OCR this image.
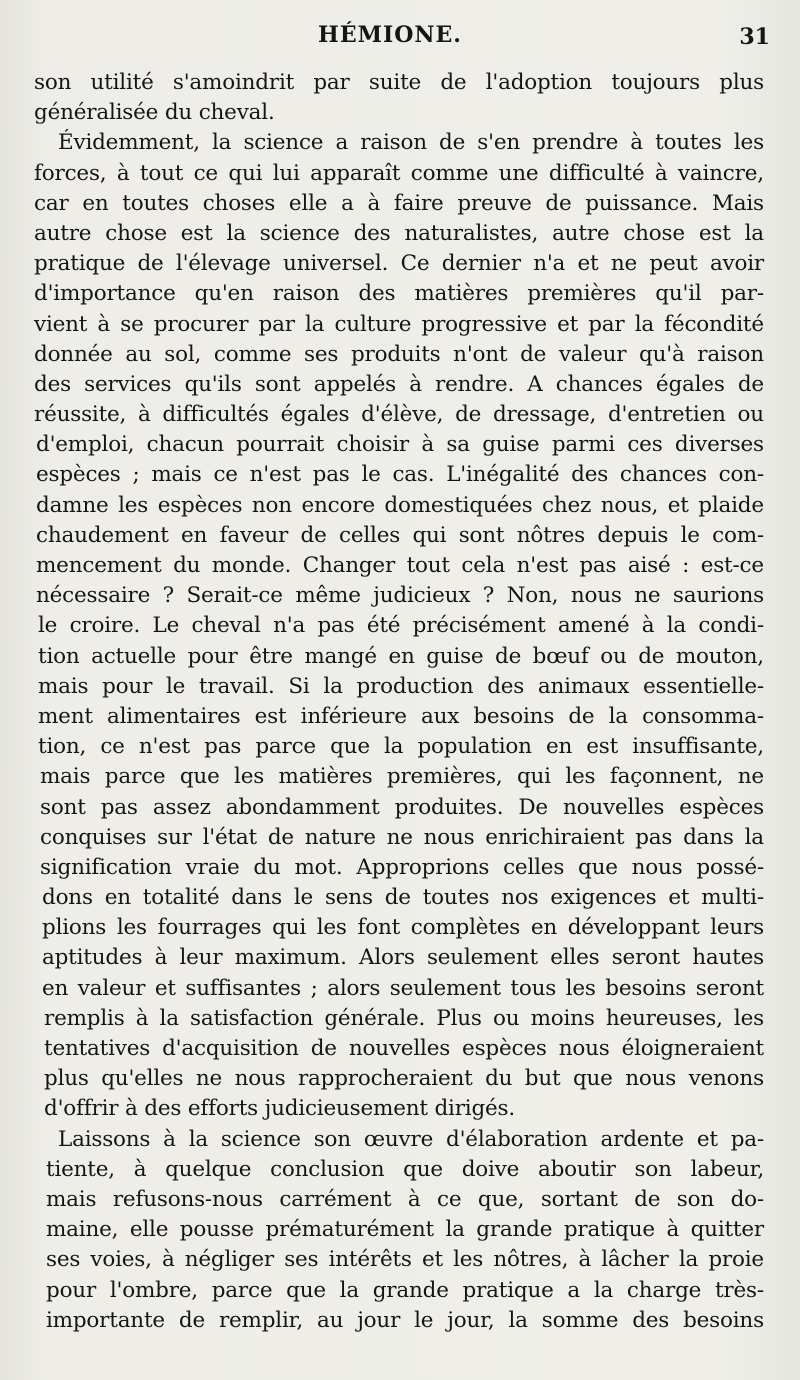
HÉMIONE.	31
son utilité s'amoindrit par suite de l'adoption toujours plus
généralisée du cheval.
Évidemment, la science a raison de s'en prendre à toutes les
forces, à tout ce qui lui apparaît comme une difficulté à vaincre,
car en toutes choses elle a à faire preuve de puissance. Mais
autre chose est la science des naturalistes, autre chose est la
pratique de l'élevage universel. Ce dernier n'a et ne peut avoir
d'importance qu'en raison des matières premières qu'il par-
vient à se procurer par la culture progressive et par la fécondité
donnée au sol, comme ses produits n'ont de valeur qu'à raison
des services qu'ils sont appelés à rendre. A chances égales de
réussite, à difficultés égales d'élève, de dressage, d'entretien ou
d'emploi, chacun pourrait choisir à sa guise parmi ces diverses
espèces ; mais ce n'est pas le cas. L'inégalité des chances con-
damne les espèces non encore domestiquées chez nous, et plaide
chaudement en faveur de celles qui sont nôtres depuis le com-
mencement du monde. Changer tout cela n'est pas aisé : est-ce
nécessaire ? Serait-ce même judicieux ? Non, nous ne saurions
le croire. Le cheval n'a pas été précisément amené à la condi-
tion actuelle pour être mangé en guise de bœuf ou de mouton,
mais pour le travail. Si la production des animaux essentielle-
ment alimentaires est inférieure aux besoins de la consomma-
tion, ce n'est pas parce que la population en est insuffisante,
mais parce que les matières premières, qui les façonnent, ne
sont pas assez abondamment produites. De nouvelles espèces
conquises sur l'état de nature ne nous enrichiraient pas dans la
signification vraie du mot. Approprions celles que nous possé-
dons en totalité dans le sens de toutes nos exigences et multi-
plions les fourrages qui les font complètes en développant leurs
aptitudes à leur maximum. Alors seulement elles seront hautes
en valeur et suffisantes ; alors seulement tous les besoins seront
remplis à la satisfaction générale. Plus ou moins heureuses, les
tentatives d'acquisition de nouvelles espèces nous éloigneraient
plus qu'elles ne nous rapprocheraient du but que nous venons
d'offrir à des efforts judicieusement dirigés.
Laissons à la science son œuvre d'élaboration ardente et pa-
tiente, à quelque conclusion que doive aboutir son labeur,
mais refusons-nous carrément à ce que, sortant de son do-
maine, elle pousse prématurément la grande pratique à quitter
ses voies, à négliger ses intérêts et les nôtres, à lâcher la proie
pour l'ombre, parce que la grande pratique a la charge très-
importante de remplir, au jour le jour, la somme des besoins
